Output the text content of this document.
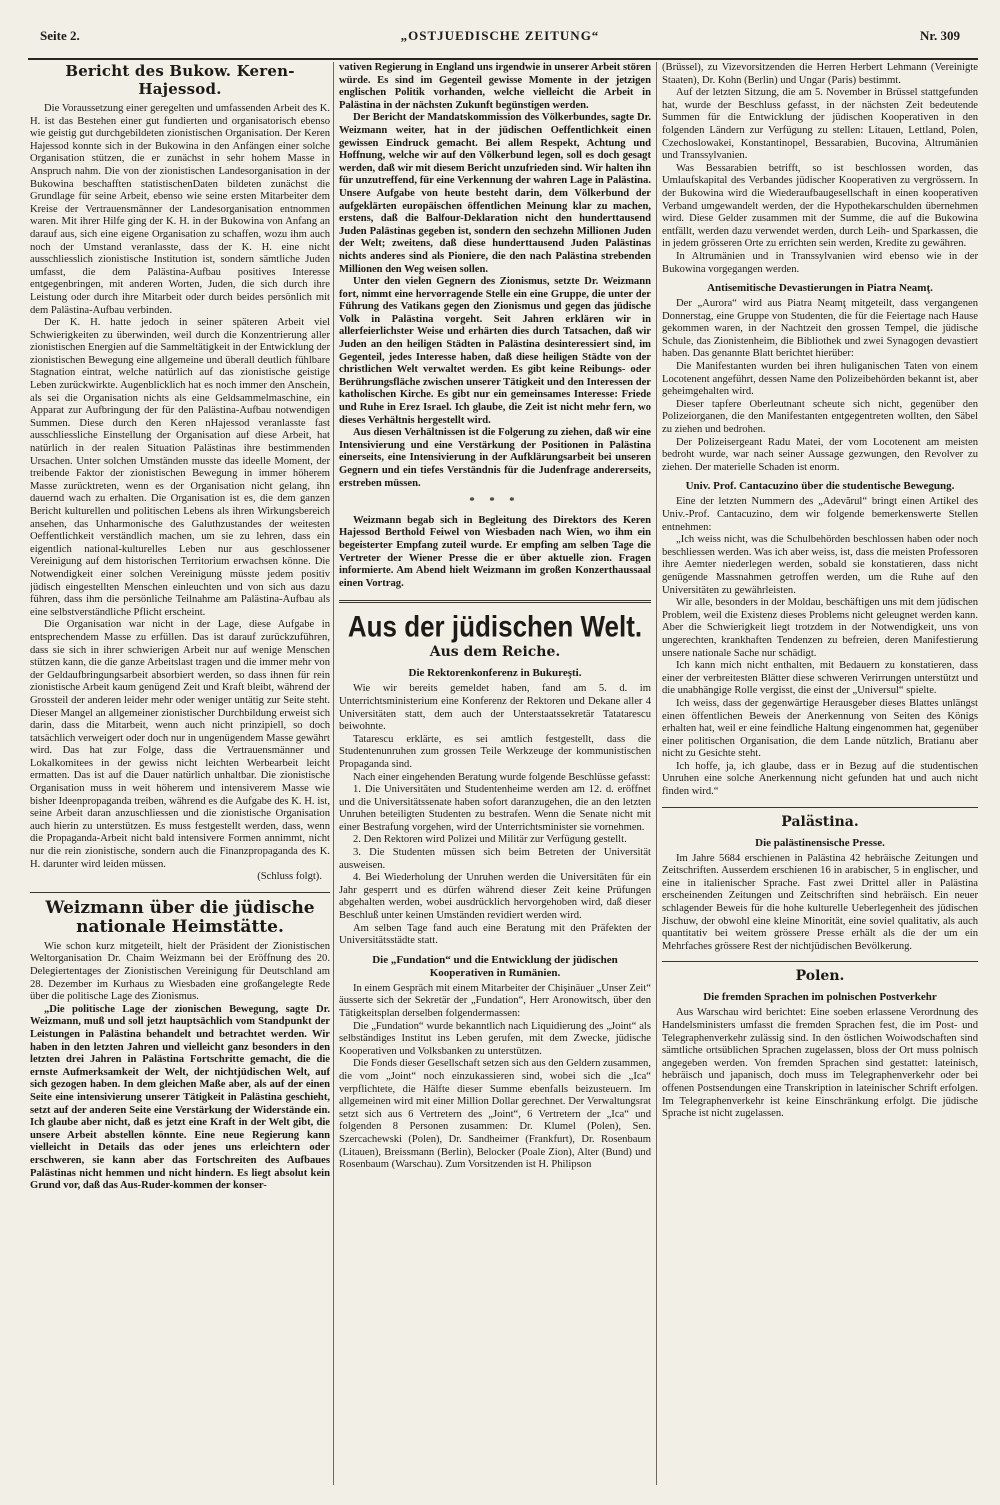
Seite 2.	„OSTJUEDISCHE ZEITUNG“	Nr. 309
Bericht des Bukow. Keren-Hajessod.

Die Voraussetzung einer geregelten und umfassenden Arbeit des K. H. ist das Bestehen einer gut fundierten und organisatorisch ebenso wie geistig gut durchgebildeten zionistischen Organisation. Der Keren Hajessod konnte sich in der Bukowina in den Anfängen einer solche Organisation stützen, die er zunächst in sehr hohem Masse in Anspruch nahm. Die von der zionistischen Landesorganisation in der Bukowina beschafften statistischenDaten bildeten zunächst die Grundlage für seine Arbeit, ebenso wie seine ersten Mitarbeiter dem Kreise der Vertrauensmänner der Landesorganisation entnommen waren. Mit ihrer Hilfe ging der K. H. in der Bukowina von Anfang an darauf aus, sich eine eigene Organisation zu schaffen, wozu ihm auch noch der Umstand veranlasste, dass der K. H. eine nicht ausschliesslich zionistische Institution ist, sondern sämtliche Juden umfasst, die dem Palästina-Aufbau positives Interesse entgegenbringen, mit anderen Worten, Juden, die sich durch ihre Leistung oder durch ihre Mitarbeit oder durch beides persönlich mit dem Palästina-Aufbau verbinden.

Der K. H. hatte jedoch in seiner späteren Arbeit viel Schwierigkeiten zu überwinden, weil durch die Konzentrierung aller zionistischen Energien auf die Sammeltätigkeit in der Entwicklung der zionistischen Bewegung eine allgemeine und überall deutlich fühlbare Stagnation eintrat, welche natürlich auf das zionistische geistige Leben zurückwirkte. Augenblicklich hat es noch immer den Anschein, als sei die Organisation nichts als eine Geldsammelmaschine, ein Apparat zur Aufbringung der für den Palästina-Aufbau notwendigen Summen. Diese durch den Keren nHajessod veranlasste fast ausschliessliche Einstellung der Organisation auf diese Arbeit, hat natürlich in der realen Situation Palästinas ihre bestimmenden Ursachen. Unter solchen Umständen musste das ideelle Moment, der treibende Faktor der zionistischen Bewegung in immer höherem Masse zurücktreten, wenn es der Organisation nicht gelang, ihn dauernd wach zu erhalten. Die Organisation ist es, die dem ganzen Bericht kulturellen und politischen Lebens als ihren Wirkungsbereich ansehen, das Unharmonische des Galuthzustandes der weitesten Oeffentlichkeit verständlich machen, um sie zu lehren, dass ein eigentlich national-kulturelles Leben nur aus geschlossener Vereinigung auf dem historischen Territorium erwachsen könne. Die Notwendigkeit einer solchen Vereinigung müsste jedem positiv jüdisch eingestellten Menschen einleuchten und von sich aus dazu führen, dass ihm die persönliche Teilnahme am Palästina-Aufbau als eine selbstverständliche Pflicht erscheint.

Die Organisation war nicht in der Lage, diese Aufgabe in entsprechendem Masse zu erfüllen. Das ist darauf zurückzuführen, dass sie sich in ihrer schwierigen Arbeit nur auf wenige Menschen stützen kann, die die ganze Arbeitslast tragen und die immer mehr von der Geldaufbringungsarbeit absorbiert werden, so dass ihnen für rein zionistische Arbeit kaum genügend Zeit und Kraft bleibt, während der Grossteil der anderen leider mehr oder weniger untätig zur Seite steht. Dieser Mangel an allgemeiner zionistischer Durchbildung erweist sich darin, dass die Mitarbeit, wenn auch nicht prinzipiell, so doch tatsächlich verweigert oder doch nur in ungenügendem Masse gewährt wird. Das hat zur Folge, dass die Vertrauensmänner und Lokalkomitees in der gewiss nicht leichten Werbearbeit leicht ermatten. Das ist auf die Dauer natürlich unhaltbar. Die zionistische Organisation muss in weit höherem und intensiverem Masse wie bisher Ideenpropaganda treiben, während es die Aufgabe des K. H. ist, seine Arbeit daran anzuschliessen und die zionistische Organisation auch hierin zu unterstützen. Es muss festgestellt werden, dass, wenn die Propaganda-Arbeit nicht bald intensivere Formen annimmt, nicht nur die rein zionistische, sondern auch die Finanzpropaganda des K. H. darunter wird leiden müssen.

(Schluss folgt).

Weizmann über die jüdische nationale Heimstätte.

Wie schon kurz mitgeteilt, hielt der Präsident der Zionistischen Weltorganisation Dr. Chaim Weizmann bei der Eröffnung des 20. Delegiertentages der Zionistischen Vereinigung für Deutschland am 28. Dezember im Kurhaus zu Wiesbaden eine großangelegte Rede über die politische Lage des Zionismus.

„Die politische Lage der zionischen Bewegung, sagte Dr. Weizmann, muß und soll jetzt hauptsächlich vom Standpunkt der Leistungen in Palästina behandelt und betrachtet werden. Wir haben in den letzten Jahren und vielleicht ganz besonders in den letzten drei Jahren in Palästina Fortschritte gemacht, die die ernste Aufmerksamkeit der Welt, der nichtjüdischen Welt, auf sich gezogen haben. In dem gleichen Maße aber, als auf der einen Seite eine intensivierung unserer Tätigkeit in Palästina geschieht, setzt auf der anderen Seite eine Verstärkung der Widerstände ein. Ich glaube aber nicht, daß es jetzt eine Kraft in der Welt gibt, die unsere Arbeit abstellen könnte. Eine neue Regierung kann vielleicht in Details das oder jenes uns erleichtern oder erschweren, sie kann aber das Fortschreiten des Aufbaues Palästinas nicht hemmen und nicht hindern. Es liegt absolut kein Grund vor, daß das Aus-Ruder-kommen der konser-

vativen Regierung in England uns irgendwie in unserer Arbeit stören würde. Es sind im Gegenteil gewisse Momente in der jetzigen englischen Politik vorhanden, welche vielleicht die Arbeit in Palästina in der nächsten Zukunft begünstigen werden.

Der Bericht der Mandatskommission des Völkerbundes, sagte Dr. Weizmann weiter, hat in der jüdischen Oeffentlichkeit einen gewissen Eindruck gemacht. Bei allem Respekt, Achtung und Hoffnung, welche wir auf den Völkerbund legen, soll es doch gesagt werden, daß wir mit diesem Bericht unzufrieden sind. Wir halten ihn für unzutreffend, für eine Verkennung der wahren Lage in Palästina. Unsere Aufgabe von heute besteht darin, dem Völkerbund der aufgeklärten europäischen öffentlichen Meinung klar zu machen, erstens, daß die Balfour-Deklaration nicht den hunderttausend Juden Palästinas gegeben ist, sondern den sechzehn Millionen Juden der Welt; zweitens, daß diese hunderttausend Juden Palästinas nichts anderes sind als Pioniere, die den nach Palästina strebenden Millionen den Weg weisen sollen.

Unter den vielen Gegnern des Zionismus, setzte Dr. Weizmann fort, nimmt eine hervorragende Stelle ein eine Gruppe, die unter der Führung des Vatikans gegen den Zionismus und gegen das jüdische Volk in Palästina vorgeht. Seit Jahren erklären wir in allerfeierlichster Weise und erhärten dies durch Tatsachen, daß wir Juden an den heiligen Städten in Palästina desinteressiert sind, im Gegenteil, jedes Interesse haben, daß diese heiligen Städte von der christlichen Welt verwaltet werden. Es gibt keine Reibungs- oder Berührungsfläche zwischen unserer Tätigkeit und den Interessen der katholischen Kirche. Es gibt nur ein gemeinsames Interesse: Friede und Ruhe in Erez Israel. Ich glaube, die Zeit ist nicht mehr fern, wo dieses Verhältnis hergestellt wird.

Aus diesen Verhältnissen ist die Folgerung zu ziehen, daß wir eine Intensivierung und eine Verstärkung der Positionen in Palästina einerseits, eine Intensivierung in der Aufklärungsarbeit bei unseren Gegnern und ein tiefes Verständnis für die Judenfrage andererseits, erstreben müssen.

* * *

Weizmann begab sich in Begleitung des Direktors des Keren Hajessod Berthold Feiwel von Wiesbaden nach Wien, wo ihm ein begeisterter Empfang zuteil wurde. Er empfing am selben Tage die Vertreter der Wiener Presse die er über aktuelle zion. Fragen informierte. Am Abend hielt Weizmann im großen Konzerthaussaal einen Vortrag.

Aus der jüdischen Welt.
Aus dem Reiche.
Die Rektorenkonferenz in Bukureşti.

Wie wir bereits gemeldet haben, fand am 5. d. im Unterrichtsministerium eine Konferenz der Rektoren und Dekane aller 4 Universitäten statt, dem auch der Unterstaatssekretär Tatatarescu beiwohnte.

Tatarescu erklärte, es sei amtlich festgestellt, dass die Studentenunruhen zum grossen Teile Werkzeuge der kommunistischen Propaganda sind.

Nach einer eingehenden Beratung wurde folgende Beschlüsse gefasst:

1. Die Universitäten und Studentenheime werden am 12. d. eröffnet und die Universitätssenate haben sofort daranzugehen, die an den letzten Unruhen beteiligten Studenten zu bestrafen. Wenn die Senate nicht mit einer Bestrafung vorgehen, wird der Unterrichtsminister sie vornehmen.

2. Den Rektoren wird Polizei und Militär zur Verfügung gestellt.

3. Die Studenten müssen sich beim Betreten der Universität ausweisen.

4. Bei Wiederholung der Unruhen werden die Universitäten für ein Jahr gesperrt und es dürfen während dieser Zeit keine Prüfungen abgehalten werden, wobei ausdrücklich hervorgehoben wird, daß dieser Beschluß unter keinen Umständen revidiert werden wird.

Am selben Tage fand auch eine Beratung mit den Präfekten der Universitätsstädte statt.

Die „Fundation“ und die Entwicklung der jüdischen Kooperativen in Rumänien.

In einem Gespräch mit einem Mitarbeiter der Chişinäuer „Unser Zeit“ äusserte sich der Sekretär der „Fundation“, Herr Aronowitsch, über den Tätigkeitsplan derselben folgendermassen:

Die „Fundation“ wurde bekanntlich nach Liquidierung des „Joint“ als selbständiges Institut ins Leben gerufen, mit dem Zwecke, jüdische Kooperativen und Volksbanken zu unterstützen.

Die Fonds dieser Gesellschaft setzen sich aus den Geldern zusammen, die vom „Joint“ noch einzukassieren sind, wobei sich die „Ica“ verpflichtete, die Hälfte dieser Summe ebenfalls beizusteuern. Im allgemeinen wird mit einer Million Dollar gerechnet. Der Verwaltungsrat setzt sich aus 6 Vertretern des „Joint“, 6 Vertretern der „Ica“ und folgenden 8 Personen zusammen: Dr. Klumel (Polen), Sen. Szercachewski (Polen), Dr. Sandheimer (Frankfurt), Dr. Rosenbaum (Litauen), Breissmann (Berlin), Belocker (Poale Zion), Alter (Bund) und Rosenbaum (Warschau). Zum Vorsitzenden ist H. Philipson

(Brüssel), zu Vizevorsitzenden die Herren Herbert Lehmann (Vereinigte Staaten), Dr. Kohn (Berlin) und Ungar (Paris) bestimmt.

Auf der letzten Sitzung, die am 5. November in Brüssel stattgefunden hat, wurde der Beschluss gefasst, in der nächsten Zeit bedeutende Summen für die Entwicklung der jüdischen Kooperativen in den folgenden Ländern zur Verfügung zu stellen: Litauen, Lettland, Polen, Czechoslowakei, Konstantinopel, Bessarabien, Bucovina, Altrumänien und Transsylvanien.

Was Bessarabien betrifft, so ist beschlossen worden, das Umlaufskapital des Verbandes jüdischer Kooperativen zu vergrössern. In der Bukowina wird die Wiederaufbaugesellschaft in einen kooperativen Verband umgewandelt werden, der die Hypothekarschulden übernehmen wird. Diese Gelder zusammen mit der Summe, die auf die Bukowina entfällt, werden dazu verwendet werden, durch Leih- und Sparkassen, die in jedem grösseren Orte zu errichten sein werden, Kredite zu gewähren.

In Altrumänien und in Transsylvanien wird ebenso wie in der Bukowina vorgegangen werden.

Antisemitische Devastierungen in Piatra Neamţ.

Der „Aurora“ wird aus Piatra Neamţ mitgeteilt, dass vergangenen Donnerstag, eine Gruppe von Studenten, die für die Feiertage nach Hause gekommen waren, in der Nachtzeit den grossen Tempel, die jüdische Schule, das Zionistenheim, die Bibliothek und zwei Synagogen devastiert haben. Das genannte Blatt berichtet hierüber:

Die Manifestanten wurden bei ihren huliganischen Taten von einem Locotenent angeführt, dessen Name den Polizeibehörden bekannt ist, aber geheimgehalten wird.

Dieser tapfere Oberleutnant scheute sich nicht, gegenüber den Polizeiorganen, die den Manifestanten entgegentreten wollten, den Säbel zu ziehen und bedrohen.

Der Polizeisergeant Radu Matei, der vom Locotenent am meisten bedroht wurde, war nach seiner Aussage gezwungen, den Revolver zu ziehen. Der materielle Schaden ist enorm.

Univ. Prof. Cantacuzino über die studentische Bewegung.

Eine der letzten Nummern des „Adevărul“ bringt einen Artikel des Univ.-Prof. Cantacuzino, dem wir folgende bemerkenswerte Stellen entnehmen:

„Ich weiss nicht, was die Schulbehörden beschlossen haben oder noch beschliessen werden. Was ich aber weiss, ist, dass die meisten Professoren ihre Aemter niederlegen werden, sobald sie konstatieren, dass nicht genügende Massnahmen getroffen werden, um die Ruhe auf den Universitäten zu gewährleisten.

Wir alle, besonders in der Moldau, beschäftigen uns mit dem jüdischen Problem, weil die Existenz dieses Problems nicht geleugnet werden kann. Aber die Schwierigkeit liegt trotzdem in der Notwendigkeit, uns von ungerechten, krankhaften Tendenzen zu befreien, deren Manifestierung unsere nationale Sache nur schädigt.

Ich kann mich nicht enthalten, mit Bedauern zu konstatieren, dass einer der verbreitesten Blätter diese schweren Verirrungen unterstützt und die unabhängige Rolle vergisst, die einst der „Universul“ spielte.

Ich weiss, dass der gegenwärtige Herausgeber dieses Blattes unlängst einen öffentlichen Beweis der Anerkennung von Seiten des Königs erhalten hat, weil er eine feindliche Haltung eingenommen hat, gegenüber einer politischen Organisation, die dem Lande nützlich, Bratianu aber nicht zu Gesichte steht.

Ich hoffe, ja, ich glaube, dass er in Bezug auf die studentischen Unruhen eine solche Anerkennung nicht gefunden hat und auch nicht finden wird.“

Palästina.
Die palästinensische Presse.

Im Jahre 5684 erschienen in Palästina 42 hebräische Zeitungen und Zeitschriften. Ausserdem erschienen 16 in arabischer, 5 in englischer, und eine in italienischer Sprache. Fast zwei Drittel aller in Palästina erscheinenden Zeitungen und Zeitschriften sind hebräisch. Ein neuer schlagender Beweis für die hohe kulturelle Ueberlegenheit des jüdischen Jischuw, der obwohl eine kleine Minorität, eine soviel qualitativ, als auch quantitativ bei weitem grössere Presse erhält als die der um ein Mehrfaches grössere Rest der nichtjüdischen Bevölkerung.

Polen.
Die fremden Sprachen im polnischen Postverkehr

Aus Warschau wird berichtet: Eine soeben erlassene Verordnung des Handelsministers umfasst die fremden Sprachen fest, die im Post- und Telegraphenverkehr zulässig sind. In den östlichen Woiwodschaften sind sämtliche ortsüblichen Sprachen zugelassen, bloss der Ort muss polnisch angegeben werden. Von fremden Sprachen sind gestattet: lateinisch, hebräisch und japanisch, doch muss im Telegraphenverkehr oder bei offenen Postsendungen eine Transkription in lateinischer Schrift erfolgen. Im Telegraphenverkehr ist keine Einschränkung erfolgt. Die jüdische Sprache ist nicht zugelassen.
